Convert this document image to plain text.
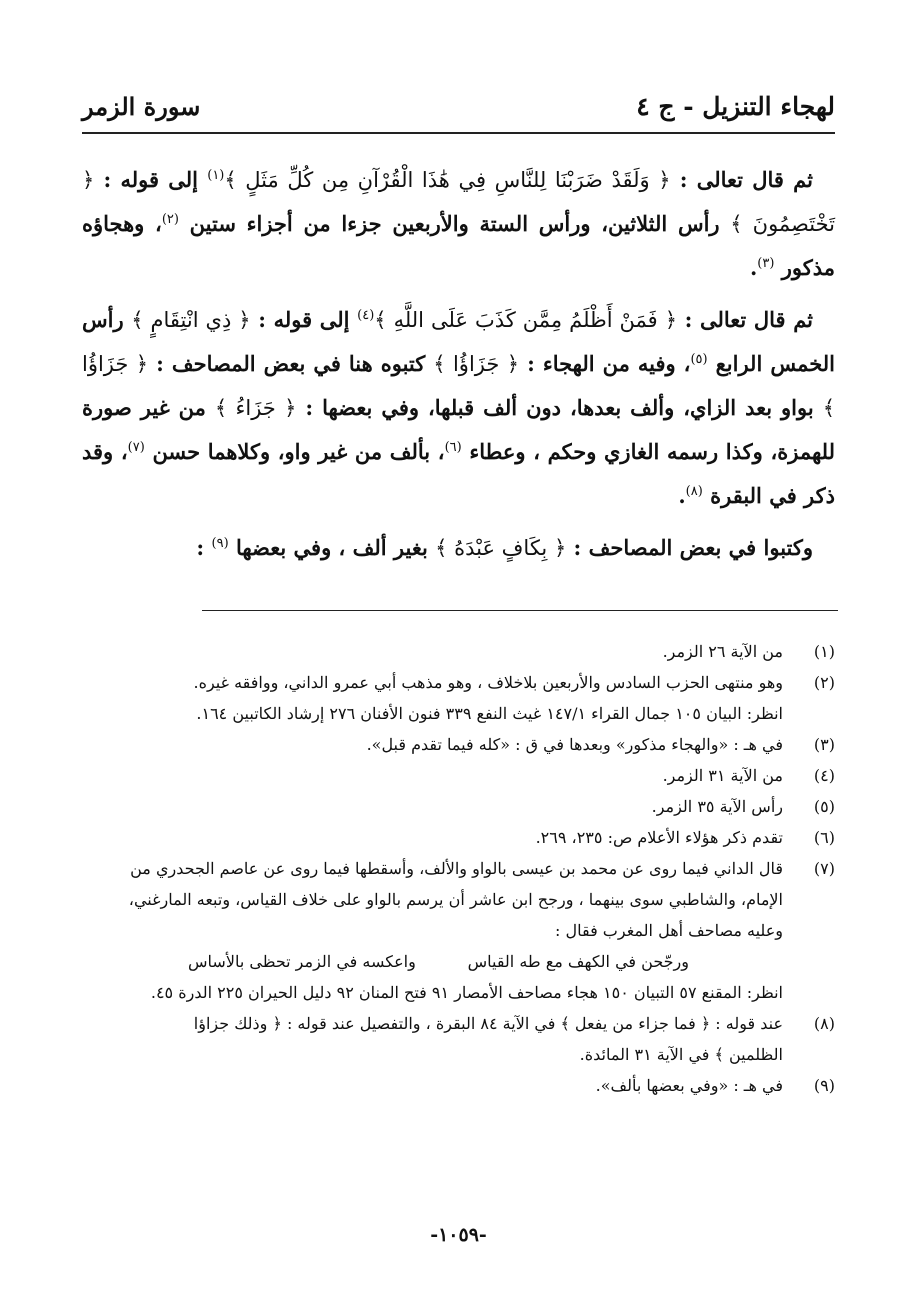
لهجاء التنزيل - ج ٤
سورة الزمر

ثم قال تعالى : ﴿ وَلَقَدْ ضَرَبْنَا لِلنَّاسِ فِي هَٰذَا الْقُرْآنِ مِن كُلِّ مَثَلٍ ﴾$^{(١)}$ إلى قوله : ﴿ تَخْتَصِمُونَ ﴾ رأس الثلاثين، ورأس الستة والأربعين جزءا من أجزاء ستين $^{(٢)}$، وهجاؤه مذكور $^{(٣)}$.

ثم قال تعالى : ﴿ فَمَنْ أَظْلَمُ مِمَّن كَذَبَ عَلَى اللَّهِ ﴾$^{(٤)}$ إلى قوله : ﴿ ذِي انْتِقَامٍ ﴾ رأس الخمس الرابع $^{(٥)}$، وفيه من الهجاء : ﴿ جَزَاؤُا ﴾ كتبوه هنا في بعض المصاحف : ﴿ جَزَاؤُا ﴾ بواو بعد الزاي، وألف بعدها، دون ألف قبلها، وفي بعضها : ﴿ جَزَاءُ ﴾ من غير صورة للهمزة، وكذا رسمه الغازي وحكم ، وعطاء $^{(٦)}$، بألف من غير واو، وكلاهما حسن $^{(٧)}$، وقد ذكر في البقرة $^{(٨)}$.

وكتبوا في بعض المصاحف : ﴿ بِكَافٍ عَبْدَهُ ﴾ بغير ألف ، وفي بعضها $^{(٩)}$ :

(١)
من الآية ٢٦ الزمر.
(٢)
وهو منتهى الحزب السادس والأربعين بلاخلاف ، وهو مذهب أبي عمرو الداني، ووافقه غيره.
انظر: البيان ١٠٥ جمال القراء ١٤٧/١ غيث النفع ٣٣٩ فنون الأفنان ٢٧٦ إرشاد الكاتبين ١٦٤.
(٣)
في هـ : «والهجاء مذكور» وبعدها في ق : «كله فيما تقدم قبل».
(٤)
من الآية ٣١ الزمر.
(٥)
رأس الآية ٣٥ الزمر.
(٦)
تقدم ذكر هؤلاء الأعلام ص: ٢٣٥، ٢٦٩.
(٧)
قال الداني فيما روى عن محمد بن عيسى بالواو والألف، وأسقطها فيما روى عن عاصم الجحدري من
الإمام، والشاطبي سوى بينهما ، ورجح ابن عاشر أن يرسم بالواو على خلاف القياس، وتبعه المارغني،
وعليه مصاحف أهل المغرب فقال :
ورجّحن في الكهف مع طه القياس
واعكسه في الزمر تحظى بالأساس
انظر: المقنع ٥٧ التبيان ١٥٠ هجاء مصاحف الأمصار ٩١ فتح المنان ٩٢ دليل الحيران ٢٢٥ الدرة ٤٥.
(٨)
عند قوله : ﴿ فما جزاء من يفعل ﴾ في الآية ٨٤ البقرة ، والتفصيل عند قوله : ﴿ وذلك جزاؤا
الظلمين ﴾ في الآية ٣١ المائدة.
(٩)
في هـ : «وفي بعضها بألف».
-١٠٥٩-
